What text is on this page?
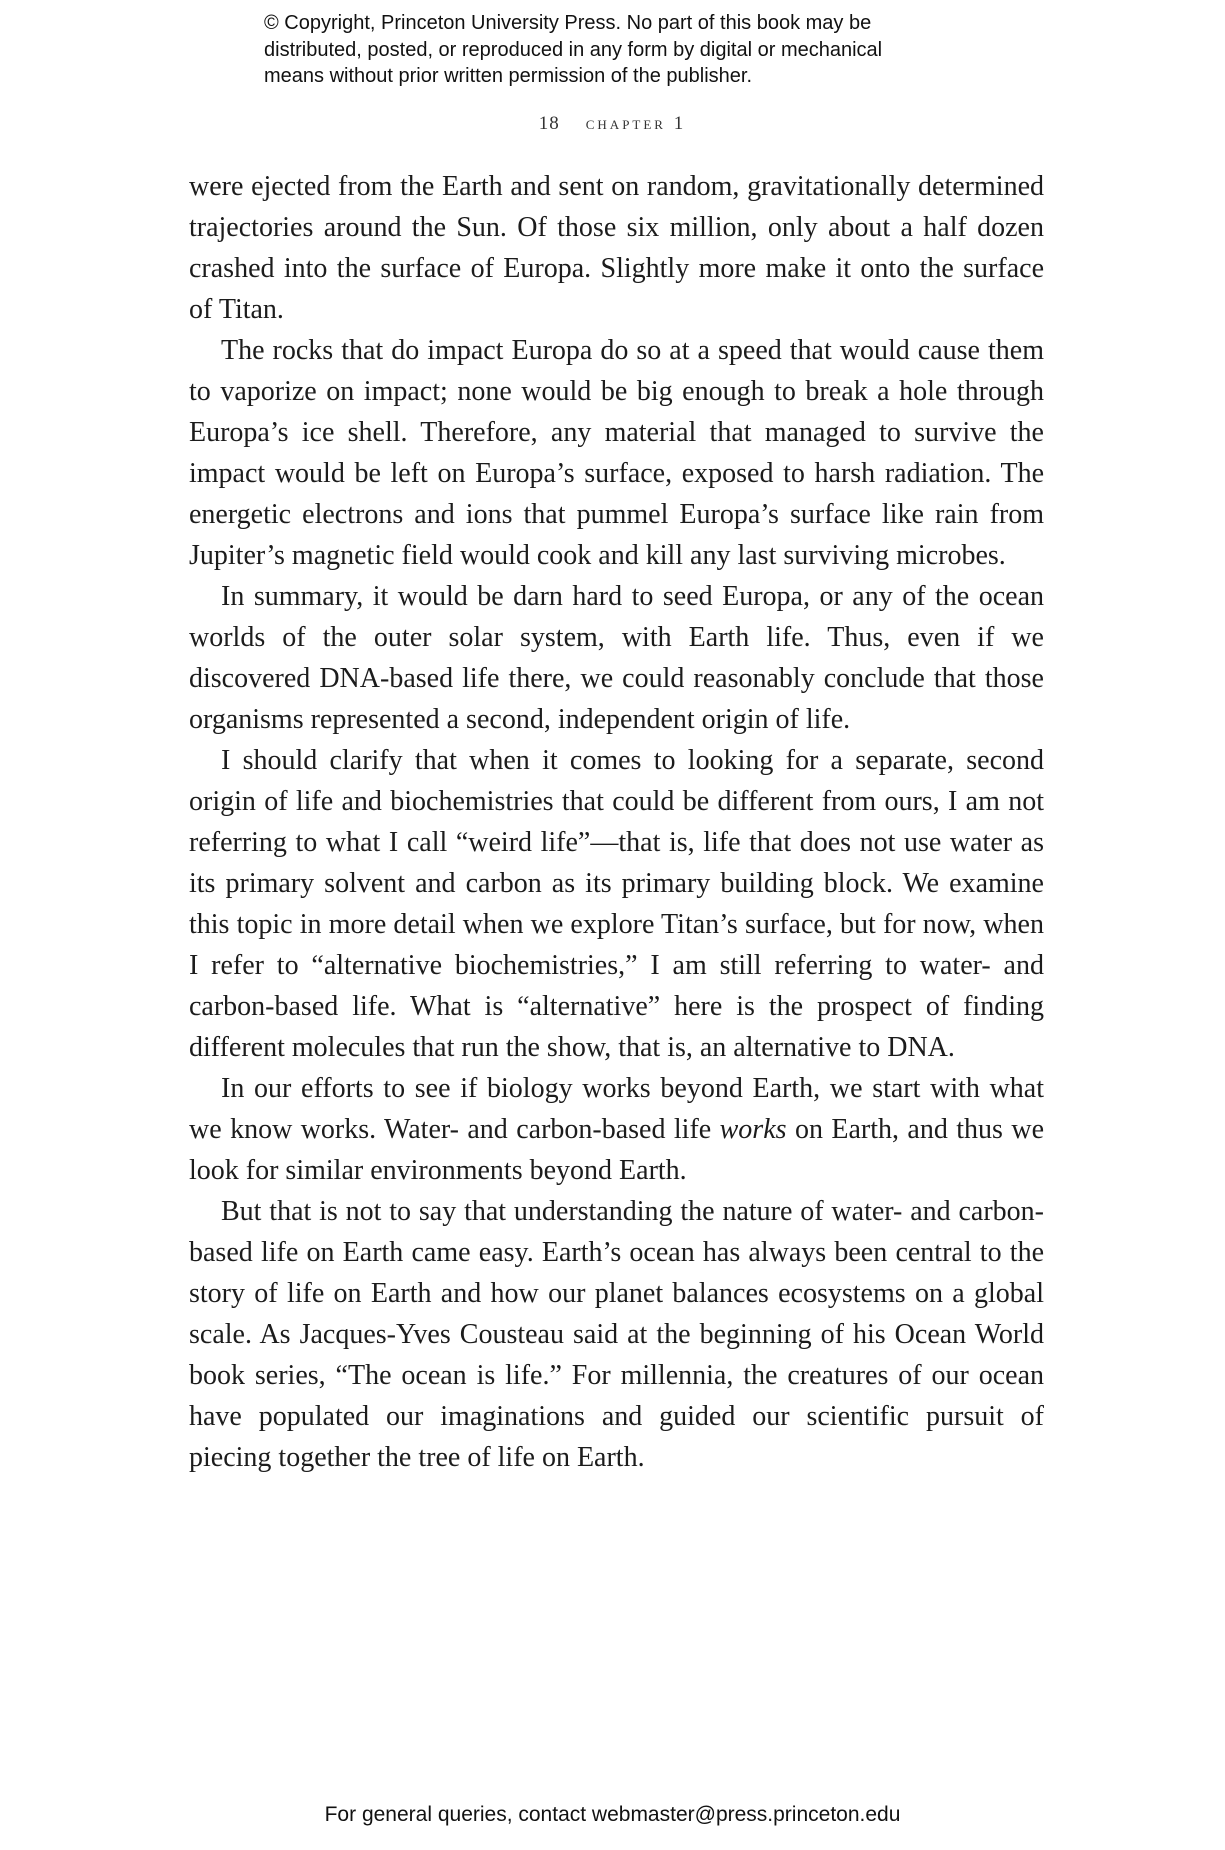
© Copyright, Princeton University Press. No part of this book may be
distributed, posted, or reproduced in any form by digital or mechanical
means without prior written permission of the publisher.
18 chapter 1

were ejected from the Earth and sent on random, gravitationally determined trajectories around the Sun. Of those six million, only about a half dozen crashed into the surface of Europa. Slightly more make it onto the surface of Titan.

The rocks that do impact Europa do so at a speed that would cause them to vaporize on impact; none would be big enough to break a hole through Europa’s ice shell. Therefore, any material that managed to survive the impact would be left on Europa’s surface, exposed to harsh radiation. The energetic electrons and ions that pummel Europa’s surface like rain from Jupiter’s magnetic field would cook and kill any last surviving microbes.

In summary, it would be darn hard to seed Europa, or any of the ocean worlds of the outer solar system, with Earth life. Thus, even if we discovered DNA-based life there, we could reasonably conclude that those organisms represented a second, independent origin of life.

I should clarify that when it comes to looking for a separate, second origin of life and biochemistries that could be different from ours, I am not referring to what I call “weird life”—that is, life that does not use water as its primary solvent and carbon as its primary building block. We examine this topic in more detail when we explore Titan’s surface, but for now, when I refer to “alternative biochemistries,” I am still referring to water- and carbon-based life. What is “alternative” here is the prospect of finding different molecules that run the show, that is, an alternative to DNA.

In our efforts to see if biology works beyond Earth, we start with what we know works. Water- and carbon-based life works on Earth, and thus we look for similar environments beyond Earth.

But that is not to say that understanding the nature of water- and carbon-based life on Earth came easy. Earth’s ocean has always been central to the story of life on Earth and how our planet balances ecosystems on a global scale. As Jacques-Yves Cousteau said at the beginning of his Ocean World book series, “The ocean is life.” For millennia, the creatures of our ocean have populated our imaginations and guided our scientific pursuit of piecing together the tree of life on Earth.

For general queries, contact webmaster@press.princeton.edu
